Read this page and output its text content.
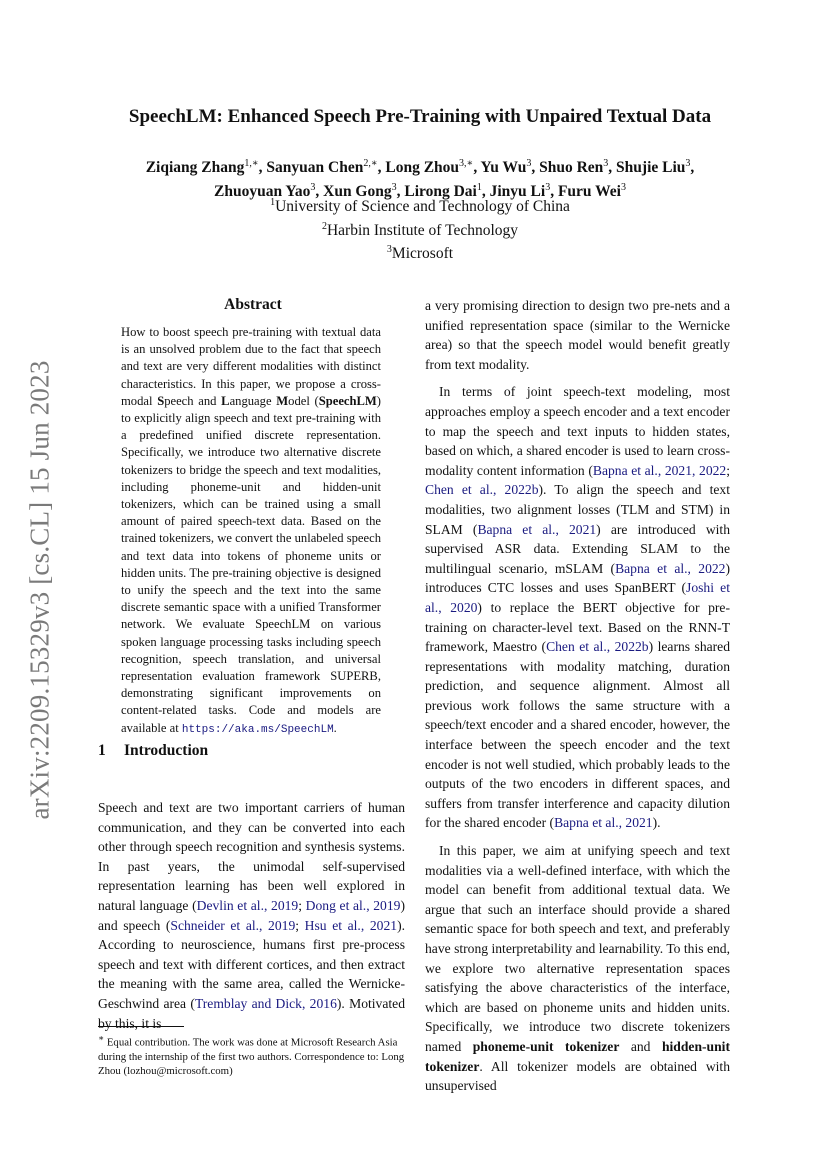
arXiv:2209.15329v3 [cs.CL] 15 Jun 2023
SpeechLM: Enhanced Speech Pre-Training with Unpaired Textual Data
Ziqiang Zhang$^{1,∗}$, Sanyuan Chen$^{2,∗}$, Long Zhou$^{3,∗}$, Yu Wu$^3$, Shuo Ren$^3$, Shujie Liu$^3$,
Zhuoyuan Yao$^3$, Xun Gong$^3$, Lirong Dai$^1$, Jinyu Li$^3$, Furu Wei$^3$
$^1$University of Science and Technology of China
$^2$Harbin Institute of Technology
$^3$Microsoft
Abstract
How to boost speech pre-training with textual data is an unsolved problem due to the fact that speech and text are very different modalities with distinct characteristics. In this paper, we propose a cross-modal Speech and Language Model (SpeechLM) to explicitly align speech and text pre-training with a predefined unified discrete representation. Specifically, we introduce two alternative discrete tokenizers to bridge the speech and text modalities, including phoneme-unit and hidden-unit tokenizers, which can be trained using a small amount of paired speech-text data. Based on the trained tokenizers, we convert the unlabeled speech and text data into tokens of phoneme units or hidden units. The pre-training objective is designed to unify the speech and the text into the same discrete semantic space with a unified Transformer network. We evaluate SpeechLM on various spoken language processing tasks including speech recognition, speech translation, and universal representation evaluation framework SUPERB, demonstrating significant improvements on content-related tasks. Code and models are available at https://aka.ms/SpeechLM.
1 Introduction
Speech and text are two important carriers of human communication, and they can be converted into each other through speech recognition and synthesis systems. In past years, the unimodal self-supervised representation learning has been well explored in natural language (Devlin et al., 2019; Dong et al., 2019) and speech (Schneider et al., 2019; Hsu et al., 2021). According to neuroscience, humans first pre-process speech and text with different cortices, and then extract the meaning with the same area, called the Wernicke-Geschwind area (Tremblay and Dick, 2016). Motivated by this, it is
∗ Equal contribution. The work was done at Microsoft Research Asia during the internship of the first two authors. Correspondence to: Long Zhou (lozhou@microsoft.com)

a very promising direction to design two pre-nets and a unified representation space (similar to the Wernicke area) so that the speech model would benefit greatly from text modality.

In terms of joint speech-text modeling, most approaches employ a speech encoder and a text encoder to map the speech and text inputs to hidden states, based on which, a shared encoder is used to learn cross-modality content information (Bapna et al., 2021, 2022; Chen et al., 2022b). To align the speech and text modalities, two alignment losses (TLM and STM) in SLAM (Bapna et al., 2021) are introduced with supervised ASR data. Extending SLAM to the multilingual scenario, mSLAM (Bapna et al., 2022) introduces CTC losses and uses SpanBERT (Joshi et al., 2020) to replace the BERT objective for pre-training on character-level text. Based on the RNN-T framework, Maestro (Chen et al., 2022b) learns shared representations with modality matching, duration prediction, and sequence alignment. Almost all previous work follows the same structure with a speech/text encoder and a shared encoder, however, the interface between the speech encoder and the text encoder is not well studied, which probably leads to the outputs of the two encoders in different spaces, and suffers from transfer interference and capacity dilution for the shared encoder (Bapna et al., 2021).

In this paper, we aim at unifying speech and text modalities via a well-defined interface, with which the model can benefit from additional textual data. We argue that such an interface should provide a shared semantic space for both speech and text, and preferably have strong interpretability and learnability. To this end, we explore two alternative representation spaces satisfying the above characteristics of the interface, which are based on phoneme units and hidden units. Specifically, we introduce two discrete tokenizers named phoneme-unit tokenizer and hidden-unit tokenizer. All tokenizer models are obtained with unsupervised
